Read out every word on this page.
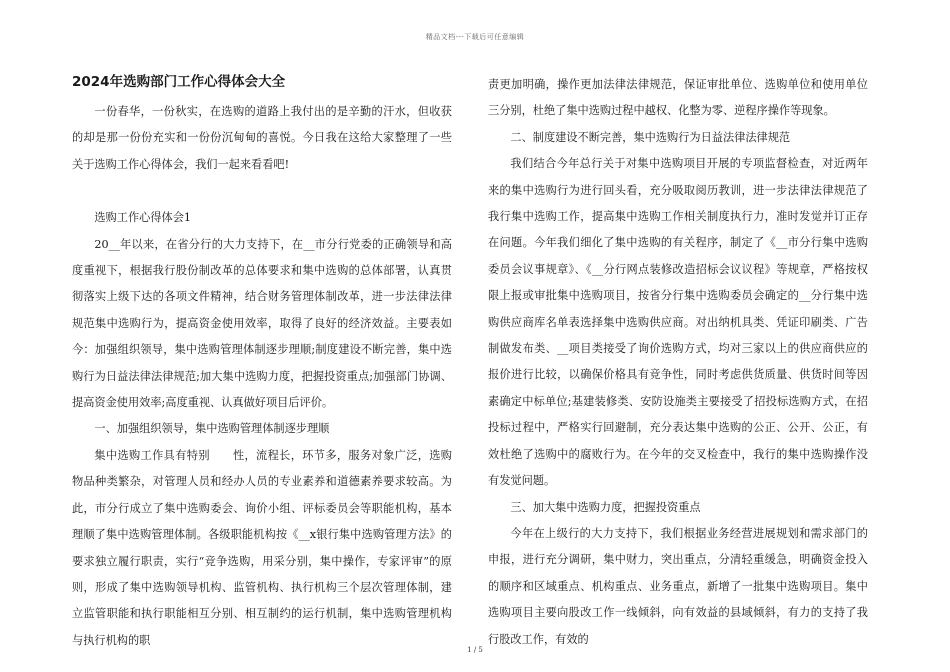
精品文档---下载后可任意编辑
2024年选购部门工作心得体会大全

一份春华，一份秋实，在选购的道路上我付出的是辛勤的汗水，但收获的却是那一份份充实和一份份沉甸甸的喜悦。今日我在这给大家整理了一些关于选购工作心得体会，我们一起来看看吧!

选购工作心得体会1

20__年以来，在省分行的大力支持下，在__市分行党委的正确领导和高度重视下，根据我行股份制改革的总体要求和集中选购的总体部署，认真贯彻落实上级下达的各项文件精神，结合财务管理体制改革，进一步法律法律规范集中选购行为，提高资金使用效率，取得了良好的经济效益。主要表如今：加强组织领导，集中选购管理体制逐步理顺;制度建设不断完善，集中选购行为日益法律法律规范;加大集中选购力度，把握投资重点;加强部门协调、提高资金使用效率;高度重视、认真做好项目后评价。

一、加强组织领导，集中选购管理体制逐步理顺

集中选购工作具有特别　　性，流程长，环节多，服务对象广泛，选购物品种类繁杂，对管理人员和经办人员的专业素养和道德素养要求较高。为此，市分行成立了集中选购委会、询价小组、评标委员会等职能机构，基本理顺了集中选购管理体制。各级职能机构按《__x银行集中选购管理方法》的要求独立履行职责，实行“竞争选购，用采分别，集中操作，专家评审”的原则，形成了集中选购领导机构、监管机构、执行机构三个层次管理体制，建立监管职能和执行职能相互分别、相互制约的运行机制，集中选购管理机构与执行机构的职

责更加明确，操作更加法律法律规范，保证审批单位、选购单位和使用单位三分别，杜绝了集中选购过程中越权、化整为零、逆程序操作等现象。

二、制度建设不断完善，集中选购行为日益法律法律规范

我们结合今年总行关于对集中选购项目开展的专项监督检查，对近两年来的集中选购行为进行回头看，充分吸取阅历教训，进一步法律法律规范了我行集中选购工作，提高集中选购工作相关制度执行力，准时发觉并订正存在问题。今年我们细化了集中选购的有关程序，制定了《__市分行集中选购委员会议事规章》、《__分行网点装修改造招标会议议程》等规章，严格按权限上报或审批集中选购项目，按省分行集中选购委员会确定的__分行集中选购供应商库名单表选择集中选购供应商。对出纳机具类、凭证印刷类、广告制做发布类、__项目类接受了询价选购方式，均对三家以上的供应商供应的报价进行比较，以确保价格具有竞争性，同时考虑供货质量、供货时间等因素确定中标单位;基建装修类、安防设施类主要接受了招投标选购方式，在招投标过程中，严格实行回避制，充分表达集中选购的公正、公开、公正，有效杜绝了选购中的腐败行为。在今年的交叉检查中，我行的集中选购操作没有发觉问题。

三、加大集中选购力度，把握投资重点

今年在上级行的大力支持下，我们根据业务经营进展规划和需求部门的申报，进行充分调研，集中财力，突出重点，分清轻重缓急，明确资金投入的顺序和区域重点、机构重点、业务重点，新增了一批集中选购项目。集中选购项目主要向股改工作一线倾斜，向有效益的县域倾斜，有力的支持了我行股改工作，有效的

1 / 5
